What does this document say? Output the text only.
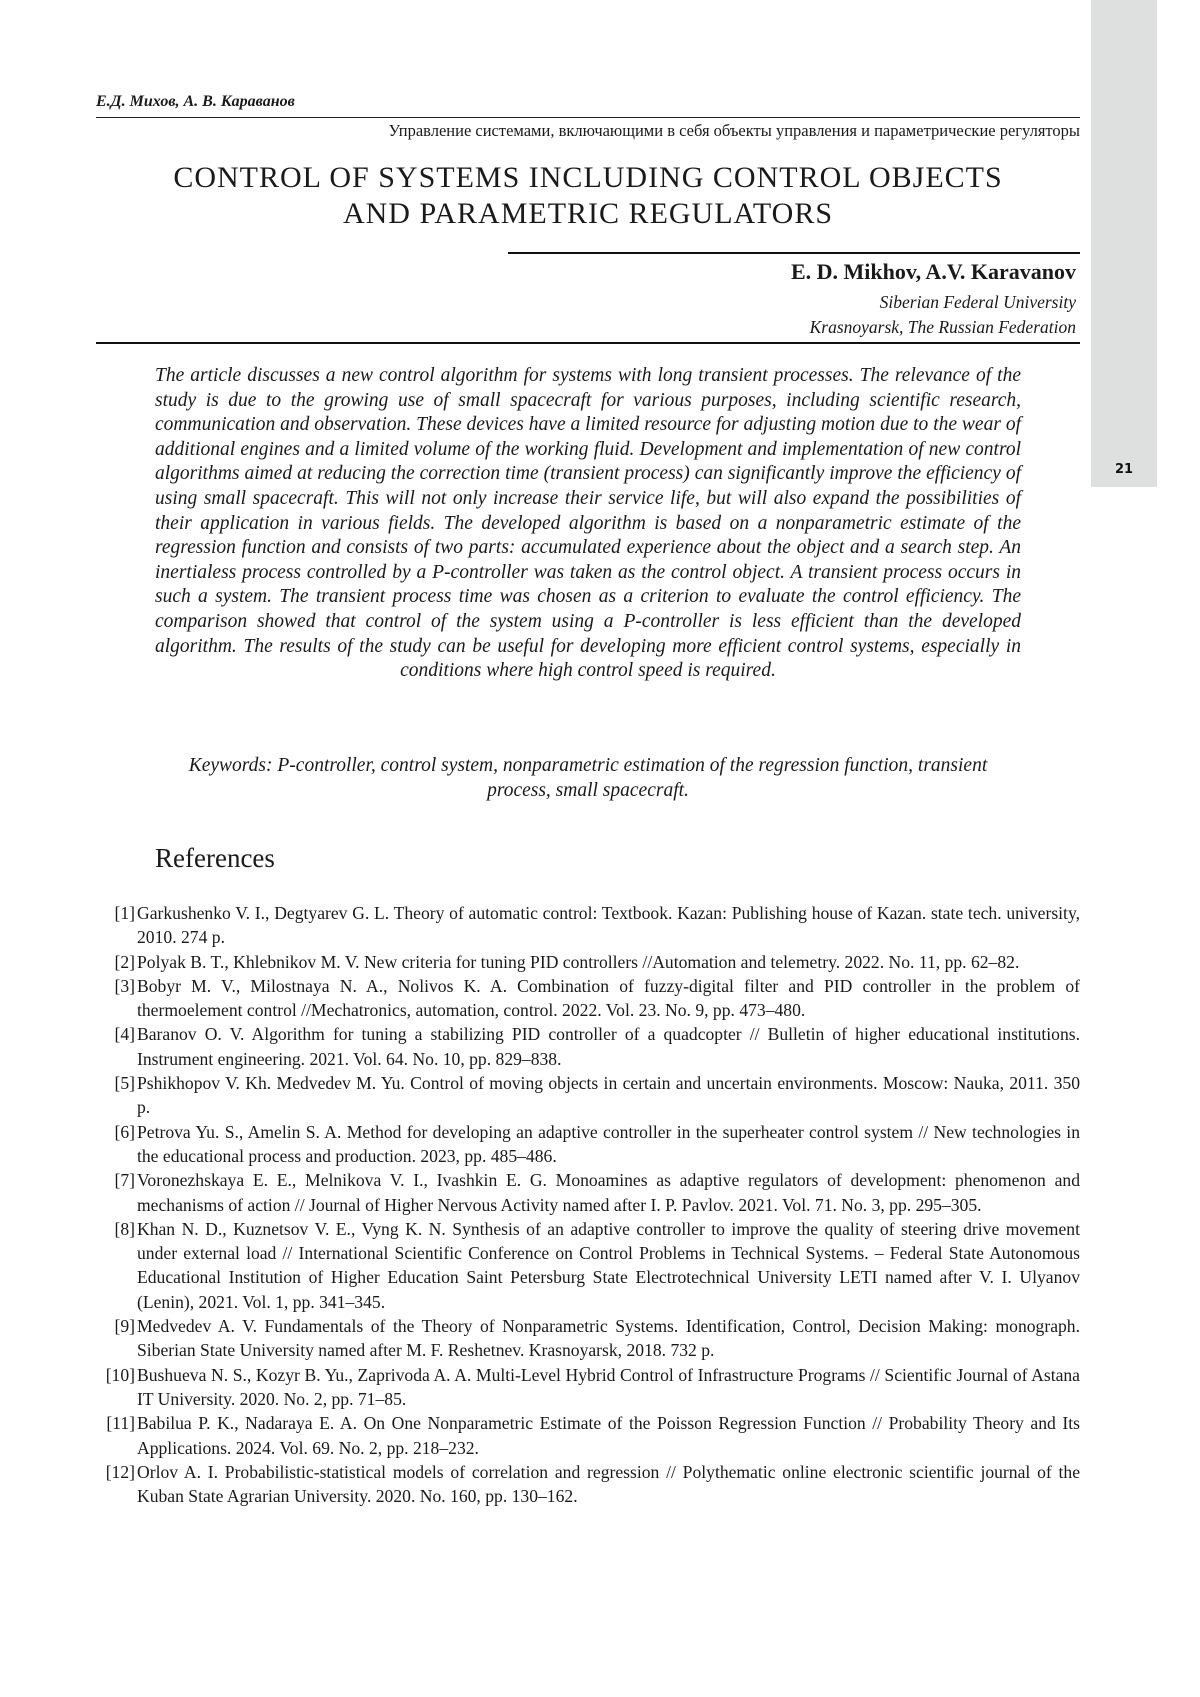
21
Е.Д. Михов, А. В. Караванов
Управление системами, включающими в себя объекты управления и параметрические регуляторы
CONTROL OF SYSTEMS INCLUDING CONTROL OBJECTS
AND PARAMETRIC REGULATORS
E. D. Mikhov, A.V. Karavanov
Siberian Federal University
Krasnoyarsk, The Russian Federation

The article discusses a new control algorithm for systems with long transient processes. The relevance of the study is due to the growing use of small spacecraft for various purposes, including scientific research, communication and observation. These devices have a limited resource for adjusting motion due to the wear of additional engines and a limited volume of the working fluid. Development and implementation of new control algorithms aimed at reducing the correction time (transient process) can significantly improve the efficiency of using small spacecraft. This will not only increase their service life, but will also expand the possibilities of their application in various fields. The developed algorithm is based on a nonparametric estimate of the regression function and consists of two parts: accumulated experience about the object and a search step. An inertialess process controlled by a P-controller was taken as the control object. A transient process occurs in such a system. The transient process time was chosen as a criterion to evaluate the control efficiency. The comparison showed that control of the system using a P-controller is less efficient than the developed algorithm. The results of the study can be useful for developing more efficient control systems, especially in conditions where high control speed is required.

Keywords: P-controller, control system, nonparametric estimation of the regression function, transient process, small spacecraft.

References
[1] Garkushenko V. I., Degtyarev G. L. Theory of automatic control: Textbook. Kazan: Publishing house of Kazan. state tech. university, 2010. 274 p.
[2] Polyak B. T., Khlebnikov M. V. New criteria for tuning PID controllers //Automation and telemetry. 2022. No. 11, pp. 62–82.
[3] Bobyr M. V., Milostnaya N. A., Nolivos K. A. Combination of fuzzy-digital filter and PID controller in the problem of thermoelement control //Mechatronics, automation, control. 2022. Vol. 23. No. 9, pp. 473–480.
[4] Baranov O. V. Algorithm for tuning a stabilizing PID controller of a quadcopter // Bulletin of higher educational institutions. Instrument engineering. 2021. Vol. 64. No. 10, pp. 829–838.
[5] Pshikhopov V. Kh. Medvedev M. Yu. Control of moving objects in certain and uncertain environments. Moscow: Nauka, 2011. 350 p.
[6] Petrova Yu. S., Amelin S. A. Method for developing an adaptive controller in the superheater control system // New technologies in the educational process and production. 2023, pp. 485–486.
[7] Voronezhskaya E. E., Melnikova V. I., Ivashkin E. G. Monoamines as adaptive regulators of development: phenomenon and mechanisms of action // Journal of Higher Nervous Activity named after I. P. Pavlov. 2021. Vol. 71. No. 3, pp. 295–305.
[8] Khan N. D., Kuznetsov V. E., Vyng K. N. Synthesis of an adaptive controller to improve the quality of steering drive movement under external load // International Scientific Conference on Control Problems in Technical Systems. – Federal State Autonomous Educational Institution of Higher Education Saint Petersburg State Electrotechnical University LETI named after V. I. Ulyanov (Lenin), 2021. Vol. 1, pp. 341–345.
[9] Medvedev A. V. Fundamentals of the Theory of Nonparametric Systems. Identification, Control, Decision Making: monograph. Siberian State University named after M. F. Reshetnev. Krasnoyarsk, 2018. 732 p.
[10] Bushueva N. S., Kozyr B. Yu., Zaprivoda A. A. Multi-Level Hybrid Control of Infrastructure Programs // Scientific Journal of Astana IT University. 2020. No. 2, pp. 71–85.
[11] Babilua P. K., Nadaraya E. A. On One Nonparametric Estimate of the Poisson Regression Function // Probability Theory and Its Applications. 2024. Vol. 69. No. 2, pp. 218–232.
[12] Orlov A. I. Probabilistic-statistical models of correlation and regression // Polythematic online electronic scientific journal of the Kuban State Agrarian University. 2020. No. 160, pp. 130–162.
